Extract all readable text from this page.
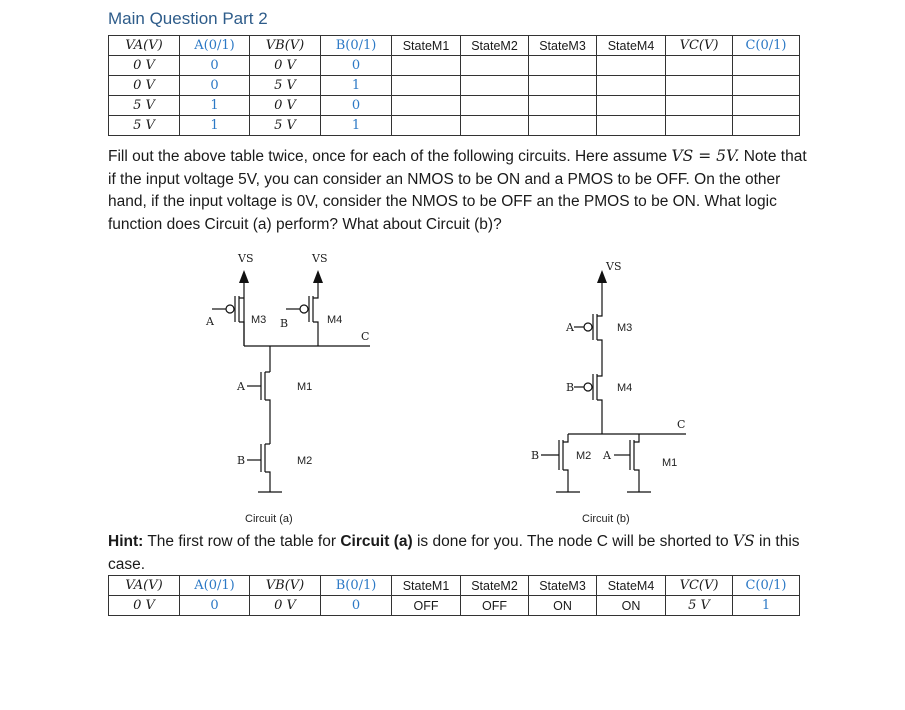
Main Question Part 2
VA(V)	A(0/1)	VB(V)	B(0/1)	StateM1	StateM2	StateM3	StateM4	VC(V)	C(0/1)
0 V	0	0 V	0						
0 V	0	5 V	1						
5 V	1	0 V	0						
5 V	1	5 V	1						
Fill out the above table twice, once for each of the following circuits. Here assume VS = 5V. Note that if the input voltage 5V, you can consider an NMOS to be ON and a PMOS to be OFF. On the other hand, if the input voltage is 0V, consider the NMOS to be OFF an the PMOS to be ON. What logic function does Circuit (a) perform? What about Circuit (b)?
VS	VS
A	M3 B	M4
C
A	M1
B	M2
Circuit (a)
VS
A	M3
B	M4
C
B	M2 A
M1
Circuit (b)
Hint: The first row of the table for Circuit (a) is done for you. The node C will be shorted to VS in this case.
VA(V)	A(0/1)	VB(V)	B(0/1)	StateM1	StateM2	StateM3	StateM4	VC(V)	C(0/1)
0 V	0	0 V	0	OFF	OFF	ON	ON	5 V	1
